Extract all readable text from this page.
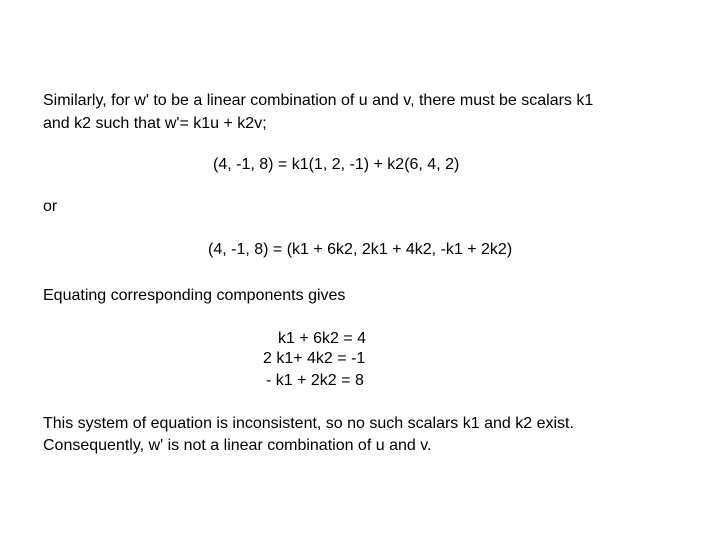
Similarly, for w' to be a linear combination of u and v, there must be scalars k1
and k2 such that w'= k1u + k2v;
(4, -1, 8) = k1(1, 2, -1) + k2(6, 4, 2)
or
(4, -1, 8) = (k1 + 6k2, 2k1 + 4k2, -k1 + 2k2)
Equating corresponding components gives
k1 + 6k2 = 4
2 k1+ 4k2 = -1
- k1 + 2k2 = 8
This system of equation is inconsistent, so no such scalars k1 and k2 exist.
Consequently, w' is not a linear combination of u and v.
